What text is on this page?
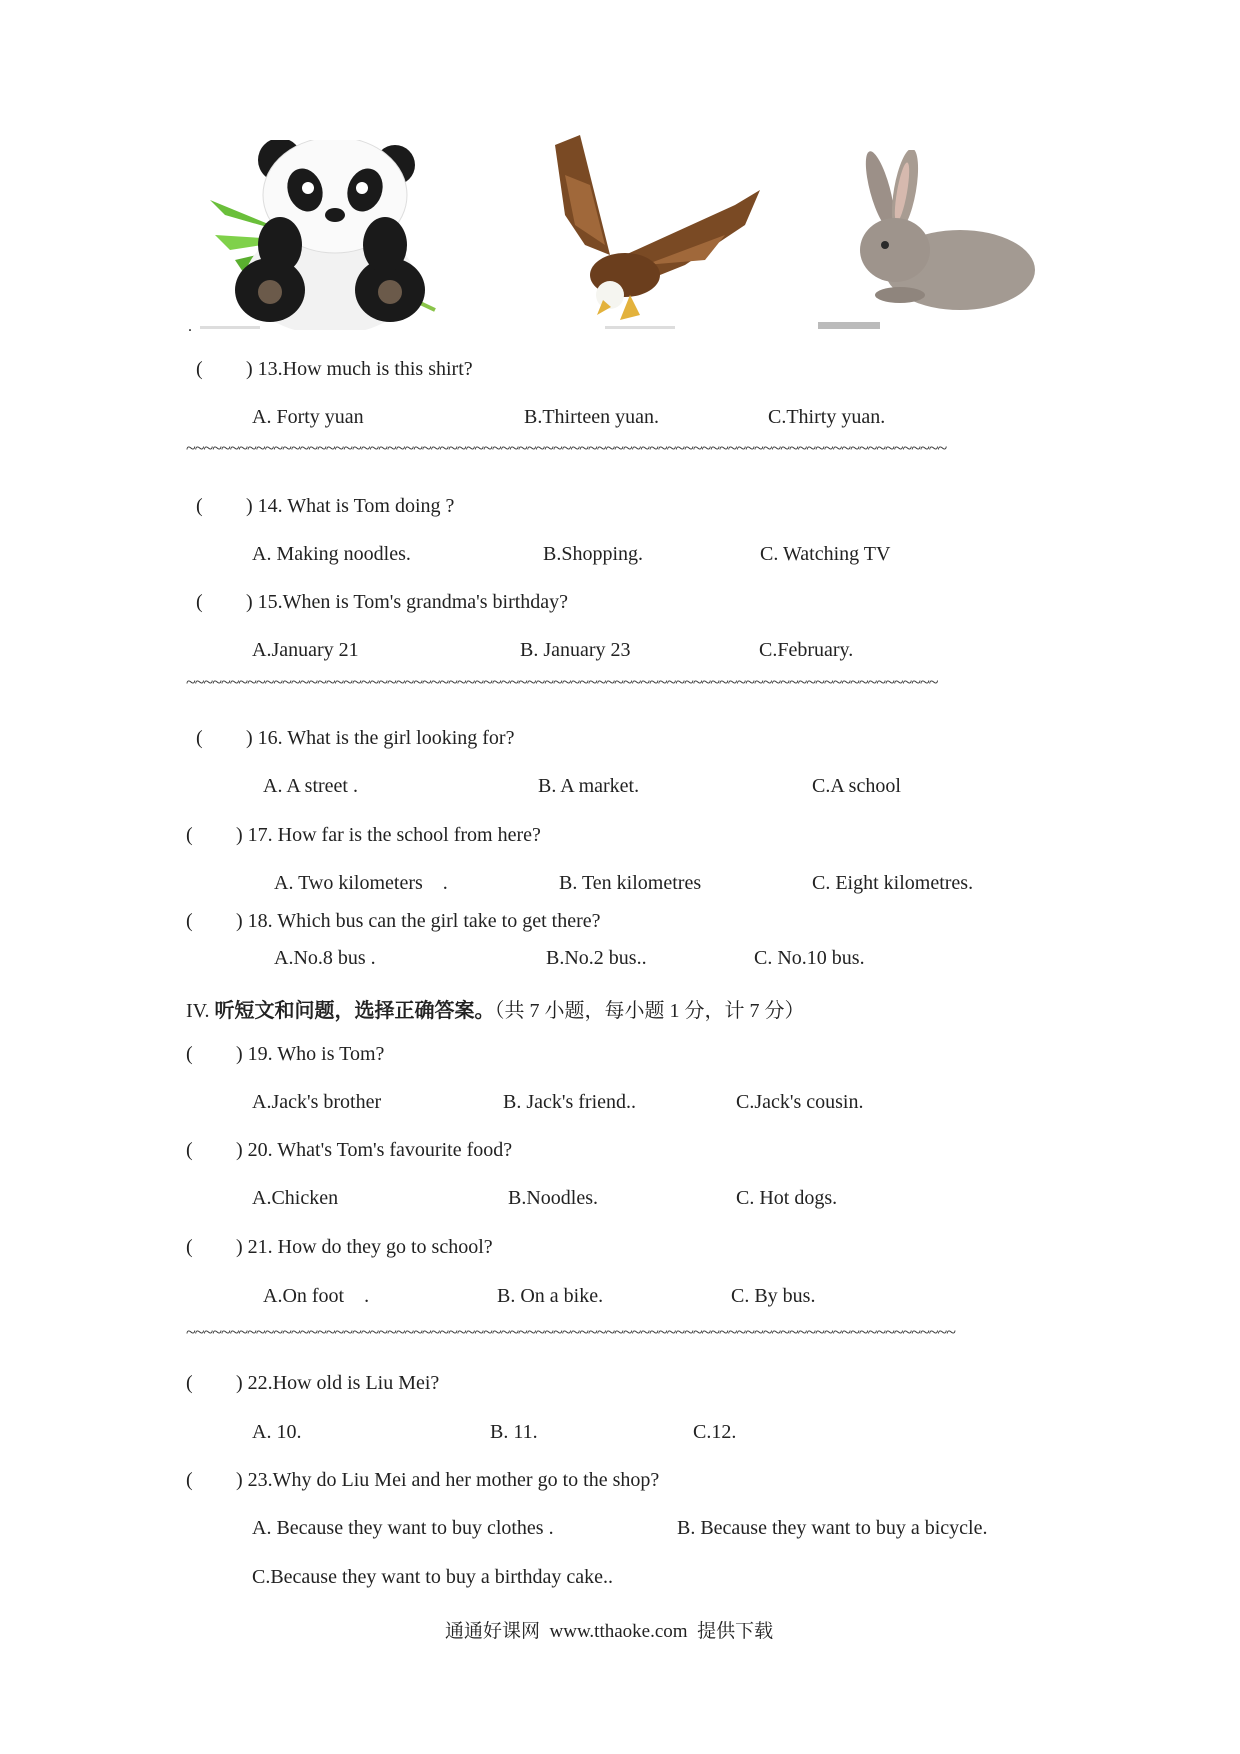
.
( ) 13.How much is this shirt?
A. Forty yuan	B.Thirteen yuan.	C.Thirty yuan.
~~~~~~~~~~~~~~~~~~~~~~~~~~~~~~~~~~~~~~~~~~~~~~~~~~~~~~~~~~~~~~~~~~~~~~~~~~~~~~~~~~~~~~~
( ) 14. What is Tom doing ?
A. Making noodles.	B.Shopping.	C. Watching TV
( ) 15.When is Tom's grandma's birthday?
A.January 21	B. January 23	C.February.
~~~~~~~~~~~~~~~~~~~~~~~~~~~~~~~~~~~~~~~~~~~~~~~~~~~~~~~~~~~~~~~~~~~~~~~~~~~~~~~~~~~~~~
( ) 16. What is the girl looking for?
A. A street .	B. A market.	C.A school
( ) 17. How far is the school from here?
A. Two kilometers    .	B. Ten kilometres	C. Eight kilometres.
( ) 18. Which bus can the girl take to get there?
A.No.8 bus .	B.No.2 bus..	C. No.10 bus.
IV. 听短文和问题，选择正确答案。（共 7 小题，每小题 1 分，计 7 分）
( ) 19. Who is Tom?
A.Jack's brother	B. Jack's friend..	C.Jack's cousin.
( ) 20. What's Tom's favourite food?
A.Chicken	B.Noodles.	C. Hot dogs.
( ) 21. How do they go to school?
A.On foot    .	B. On a bike.	C. By bus.
~~~~~~~~~~~~~~~~~~~~~~~~~~~~~~~~~~~~~~~~~~~~~~~~~~~~~~~~~~~~~~~~~~~~~~~~~~~~~~~~~~~~~~~~
( ) 22.How old is Liu Mei?
A. 10.	B. 11.	C.12.
( ) 23.Why do Liu Mei and her mother go to the shop?
A. Because they want to buy clothes .	B. Because they want to buy a bicycle.
C.Because they want to buy a birthday cake..
通通好课网  www.tthaoke.com  提供下载
